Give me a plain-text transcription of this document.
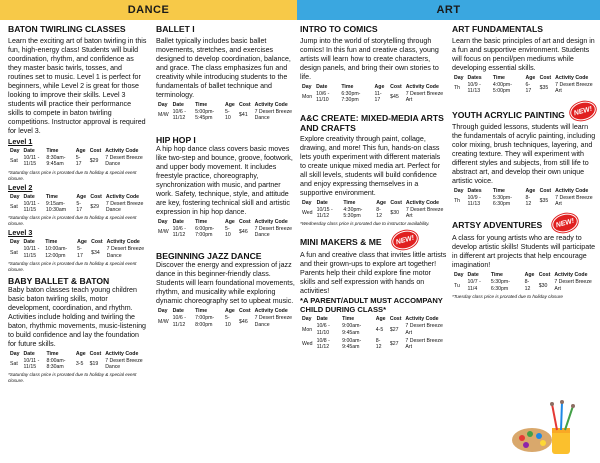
DANCE	ART
BATON TWIRLING CLASSES

Learn the exciting art of baton twirling in this fun, high-energy class! Students will build coordination, rhythm, and confidence as they master basic twirls, tosses, and routines set to music. Level 1 is perfect for beginners, while Level 2 is great for those looking to improve their skills. Level 3 students will practice their performance skills to compete in baton twirling competitions. Instructor approval is required for level 3.

Level 1
Day	Date	Time	Age	Cost	Activity Code
Sat	10/11 - 11/15	8:30am-9:45am	5-17	$29	7 Desert Breeze Dance
*Saturday class price is prorated due to holiday & special event closure.
Level 2
Day	Date	Time	Age	Cost	Activity Code
Sat	10/11 - 11/15	9:15am-10:30am	5-17	$29	7 Desert Breeze Dance
*Saturday class price is prorated due to holiday & special event closure.
Level 3
Day	Date	Time	Age	Cost	Activity Code
Sat	10/11 - 11/15	10:00am-12:00pm	5-17	$34	7 Desert Breeze Dance
*Saturday class price is prorated due to holiday & special event closure.
BABY BALLET & BATON

Baby baton classes teach young children basic baton twirling skills, motor development, coordination, and rhythm. Activities include holding and twirling the baton, rhythmic movements, music-listening to build confidence and lay the foundation for future skills.

Day	Date	Time	Age	Cost	Activity Code
Sat	10/11 - 11/15	8:00am-8:30am	3-5	$19	7 Desert Breeze Dance
*Saturday class price is prorated due to holiday & special event closure.
BALLET I

Ballet typically includes basic ballet movements, stretches, and exercises designed to develop coordination, balance, and grace. The class emphasizes fun and creativity while introducing students to the fundamentals of ballet technique and terminology.

Day	Date	Time	Age	Cost	Activity Code
M/W	10/6 - 11/12	5:00pm-5:45pm	5-10	$41	7 Desert Breeze Dance
HIP HOP I

A hip hop dance class covers basic moves like two-step and bounce, groove, footwork, and upper body movement. It includes freestyle practice, choreography, synchronization with music, and partner work. Safety, technique, style, and attitude are key, fostering technical skill and artistic expression in hip hop dance.

Day	Date	Time	Age	Cost	Activity Code
M/W	10/6 - 11/12	6:00pm-7:00pm	5-10	$46	7 Desert Breeze Dance
BEGINNING JAZZ DANCE

Discover the energy and expression of jazz dance in this beginner-friendly class. Students will learn foundational movements, rhythm, and musicality while exploring dynamic choreography set to upbeat music.

Day	Date	Time	Age	Cost	Activity Code
M/W	10/6 - 11/12	7:00pm-8:00pm	5-10	$46	7 Desert Breeze Dance
INTRO TO COMICS

Jump into the world of storytelling through comics! In this fun and creative class, young artists will learn how to create characters, design panels, and bring their own stories to life.

Day	Date	Time	Age	Cost	Activity Code
Mon	10/6 - 11/10	6:30pm-7:30pm	11-17	$45	7 Desert Breeze Art
A&C CREATE: MIXED-MEDIA ARTS AND CRAFTS

Explore creativity through paint, collage, drawing, and more! This fun, hands-on class lets youth experiment with different materials to create unique mixed media art. Perfect for all skill levels, students will build confidence and enjoy expressing themselves in a supportive environment.

Day	Date	Time	Age	Cost	Activity Code
Wed	10/15 - 11/12	4:30pm-5:30pm	8-12	$30	7 Desert Breeze Art
*Wednesday class price is prorated due to instructor availability.
MINI MAKERS & ME	NEW!

A fun and creative class that invites little artists and their grown-ups to explore art together! Parents help their child explore fine motor skills and self expression with hands on activities!

*A PARENT/ADULT MUST ACCOMPANY CHILD DURING CLASS*
Day	Date	Time	Age	Cost	Activity Code
Mon	10/6 - 11/10	9:00am-9:45am	4-5	$27	7 Desert Breeze Art
Wed	10/8 - 11/12	9:00am-9:45am	8-12	$27	7 Desert Breeze Art
ART FUNDAMENTALS

Learn the basic principles of art and design in a fun and supportive environment. Students will focus on pencil/pen mediums while developing essential skills.

Day	Dates	Time	Age	Cost	Activity Code
Th	10/9 - 11/13	4:00pm-5:00pm	6-17	$35	7 Desert Breeze Art
YOUTH ACRYLIC PAINTING	NEW!

Through guided lessons, students will learn the fundamentals of acrylic painting, including color mixing, brush techniques, layering, and creating texture. They will experiment with different styles and subjects, from still life to abstract art, and develop their own unique artistic voice.

Day	Dates	Time	Age	Cost	Activity Code
Th	10/9 - 11/13	5:30pm-6:30pm	8-12	$35	7 Desert Breeze Art
ARTSY ADVENTURES	NEW!

A class for young artists who are ready to develop artistic skills! Students will participate in different art projects that help encourage imagination!

Day	Date	Time	Age	Cost	Activity Code
Tu	10/7 - 11/4	5:30pm-6:30pm	8-12	$30	7 Desert Breeze Art
*Tuesday class price is prorated due to holiday closure
